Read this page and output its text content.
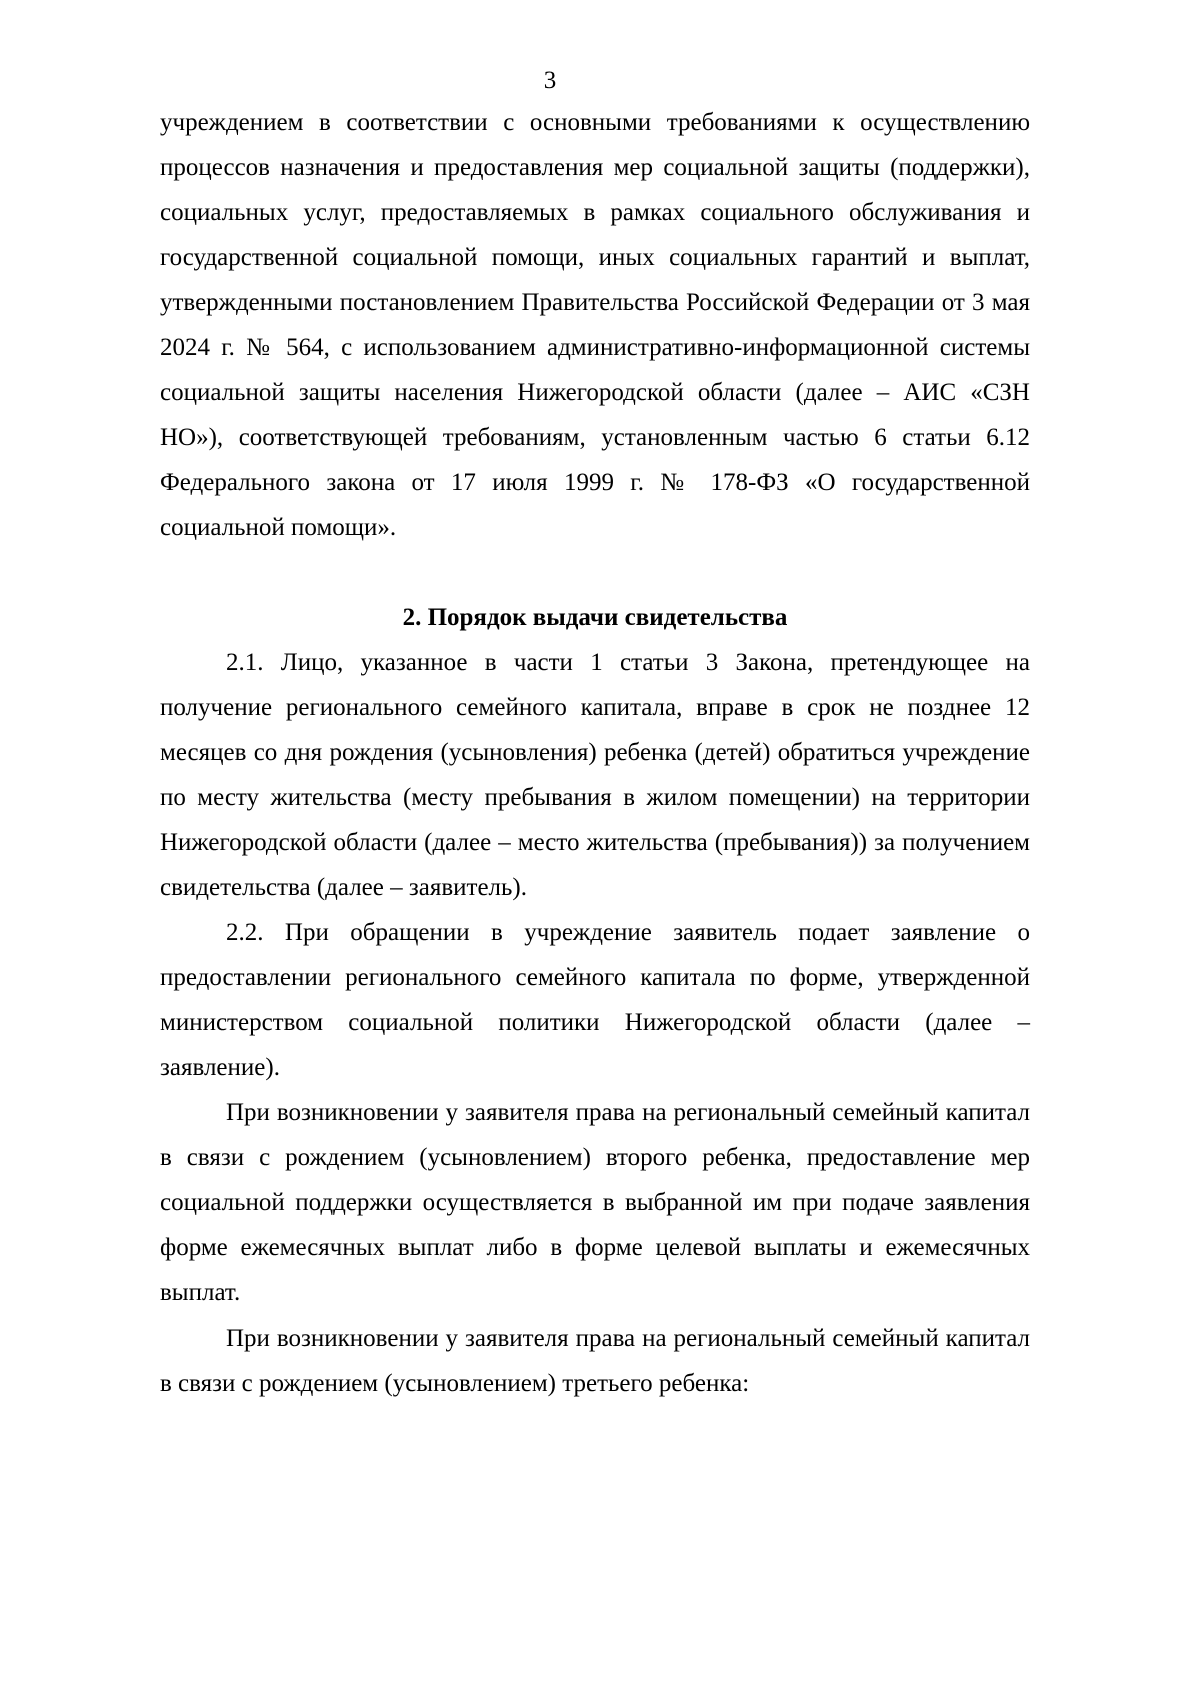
3

учреждением в соответствии с основными требованиями к осуществлению процессов назначения и предоставления мер социальной защиты (поддержки), социальных услуг, предоставляемых в рамках социального обслуживания и государственной социальной помощи, иных социальных гарантий и выплат, утвержденными постановлением Правительства Российской Федерации от 3 мая 2024 г. № 564, с использованием административно-информационной системы социальной защиты населения Нижегородской области (далее – АИС «СЗН НО»), соответствующей требованиям, установленным частью 6 статьи 6.12 Федерального закона от 17 июля 1999 г. № 178-ФЗ «О государственной социальной помощи».

2. Порядок выдачи свидетельства

2.1. Лицо, указанное в части 1 статьи 3 Закона, претендующее на получение регионального семейного капитала, вправе в срок не позднее 12 месяцев со дня рождения (усыновления) ребенка (детей) обратиться учреждение по месту жительства (месту пребывания в жилом помещении) на территории Нижегородской области (далее – место жительства (пребывания)) за получением свидетельства (далее – заявитель).

2.2. При обращении в учреждение заявитель подает заявление о предоставлении регионального семейного капитала по форме, утвержденной министерством социальной политики Нижегородской области (далее – заявление).

При возникновении у заявителя права на региональный семейный капитал в связи с рождением (усыновлением) второго ребенка, предоставление мер социальной поддержки осуществляется в выбранной им при подаче заявления форме ежемесячных выплат либо в форме целевой выплаты и ежемесячных выплат.

При возникновении у заявителя права на региональный семейный капитал в связи с рождением (усыновлением) третьего ребенка:
